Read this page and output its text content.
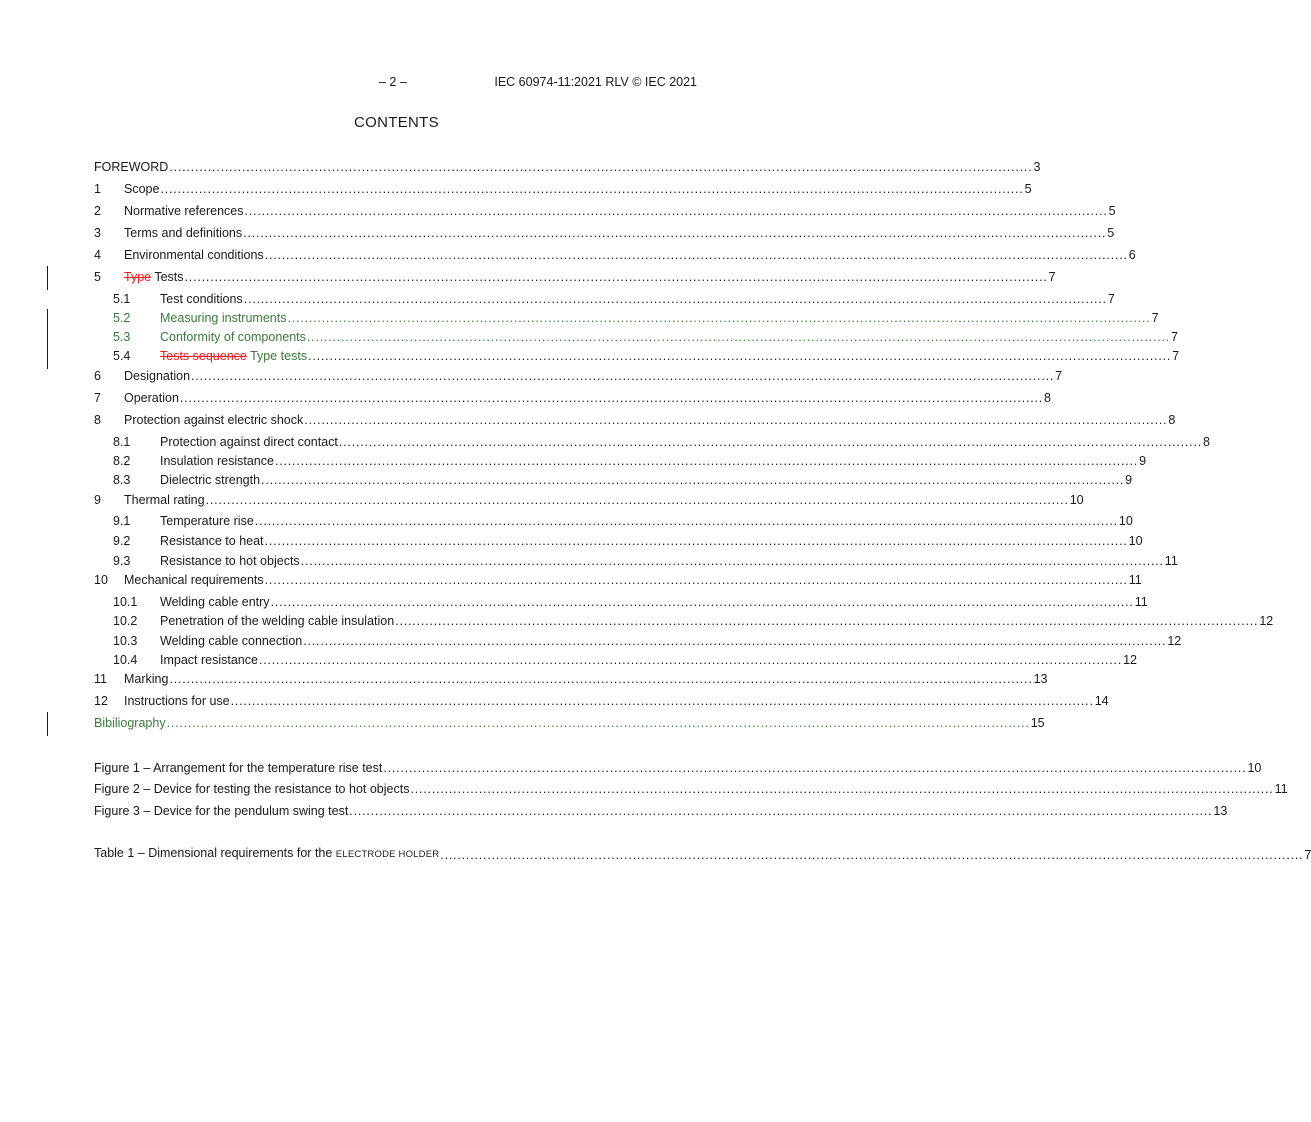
– 2 –	IEC 60974-11:2021 RLV © IEC 2021
CONTENTS
FOREWORD .......................................................................................................................................................................................................... 3
1	Scope .......................................................................................................................................................................................................... 5
2	Normative references .......................................................................................................................................................................................................... 5
3	Terms and definitions .......................................................................................................................................................................................................... 5
4	Environmental conditions .......................................................................................................................................................................................................... 6
5	Type Tests .......................................................................................................................................................................................................... 7
5.1	Test conditions .......................................................................................................................................................................................................... 7
5.2	Measuring instruments .......................................................................................................................................................................................................... 7
5.3	Conformity of components .......................................................................................................................................................................................................... 7
5.4	Tests sequence Type tests .......................................................................................................................................................................................................... 7
6	Designation .......................................................................................................................................................................................................... 7
7	Operation .......................................................................................................................................................................................................... 8
8	Protection against electric shock .......................................................................................................................................................................................................... 8
8.1	Protection against direct contact .......................................................................................................................................................................................................... 8
8.2	Insulation resistance .......................................................................................................................................................................................................... 9
8.3	Dielectric strength .......................................................................................................................................................................................................... 9
9	Thermal rating .......................................................................................................................................................................................................... 10
9.1	Temperature rise .......................................................................................................................................................................................................... 10
9.2	Resistance to heat .......................................................................................................................................................................................................... 10
9.3	Resistance to hot objects .......................................................................................................................................................................................................... 11
10	Mechanical requirements .......................................................................................................................................................................................................... 11
10.1	Welding cable entry .......................................................................................................................................................................................................... 11
10.2	Penetration of the welding cable insulation .......................................................................................................................................................................................................... 12
10.3	Welding cable connection .......................................................................................................................................................................................................... 12
10.4	Impact resistance .......................................................................................................................................................................................................... 12
11	Marking .......................................................................................................................................................................................................... 13
12	Instructions for use .......................................................................................................................................................................................................... 14
Bibiliography .......................................................................................................................................................................................................... 15
Figure 1 – Arrangement for the temperature rise test .......................................................................................................................................................................................................... 10
Figure 2 – Device for testing the resistance to hot objects .......................................................................................................................................................................................................... 11
Figure 3 – Device for the pendulum swing test .......................................................................................................................................................................................................... 13
Table 1 – Dimensional requirements for the ELECTRODE HOLDER .......................................................................................................................................................................................................... 7
